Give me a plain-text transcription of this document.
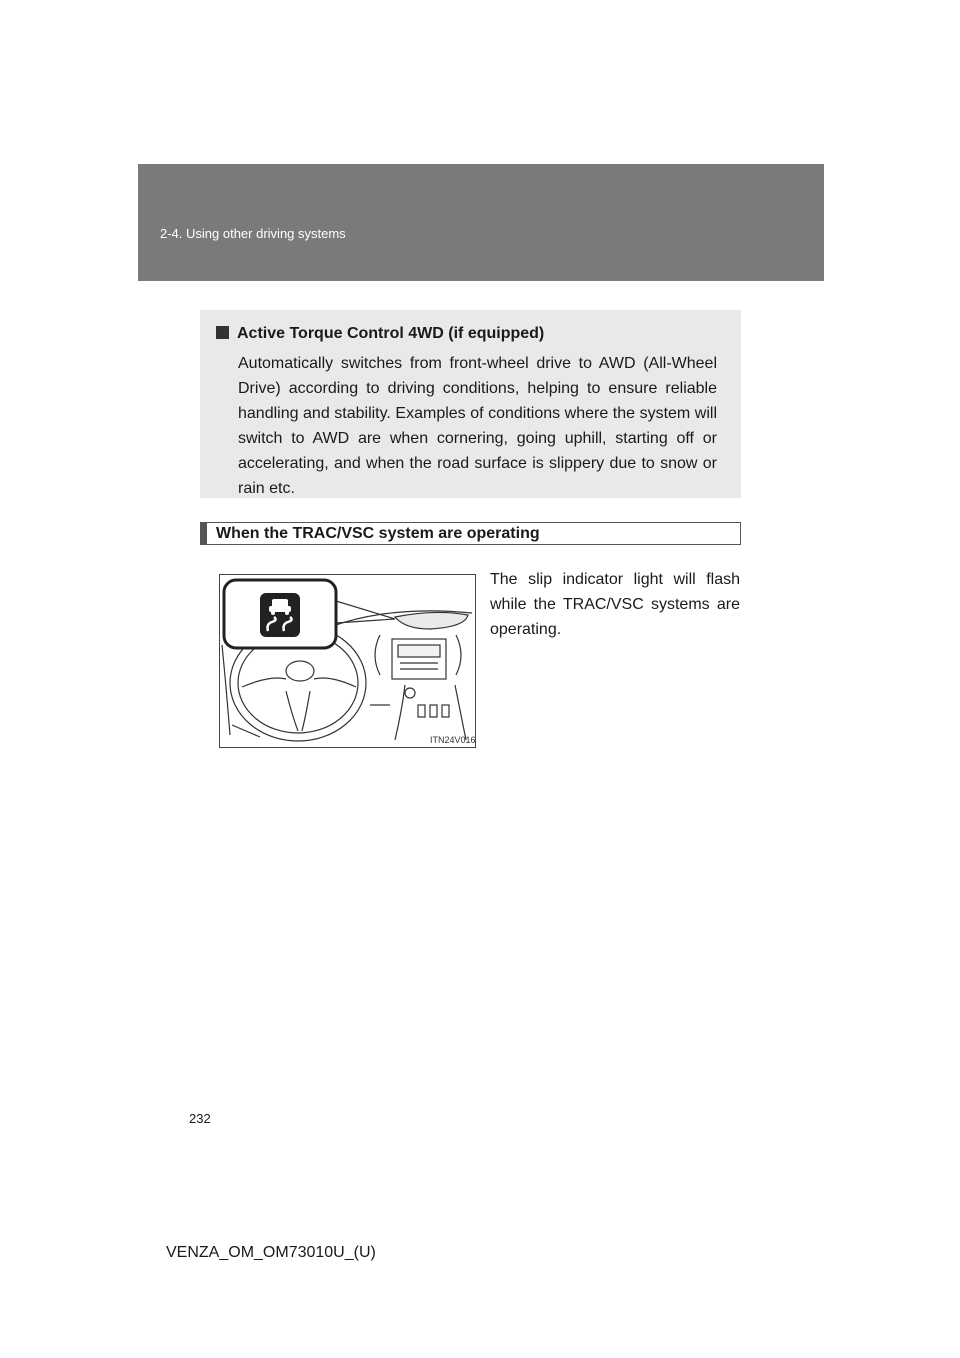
2-4. Using other driving systems
Active Torque Control 4WD (if equipped)
Automatically switches from front-wheel drive to AWD (All-Wheel Drive) according to driving conditions, helping to ensure reliable handling and stability. Examples of conditions where the system will switch to AWD are when cornering, going uphill, starting off or accelerating, and when the road surface is slippery due to snow or rain etc.
When the TRAC/VSC system are operating
ITN24V016
The slip indicator light will flash while the TRAC/VSC systems are operating.
232
VENZA_OM_OM73010U_(U)
